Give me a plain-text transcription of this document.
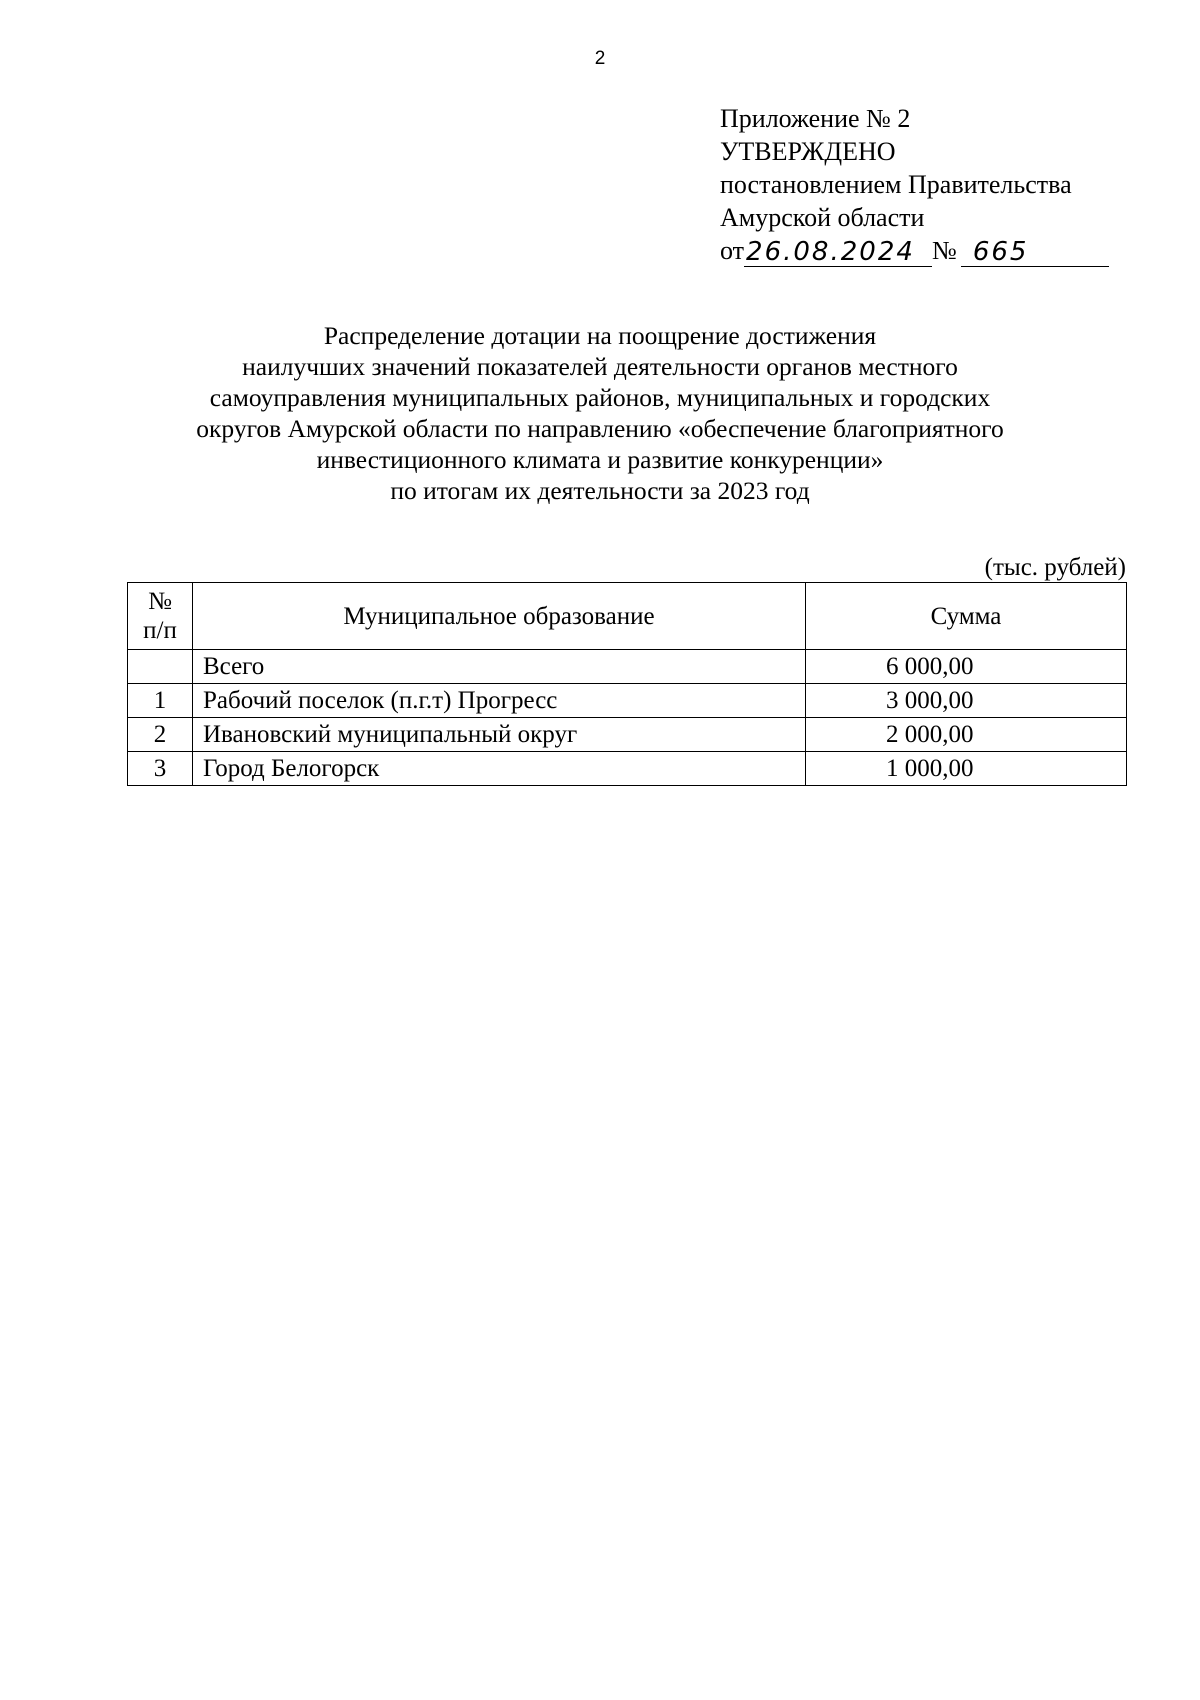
2
Приложение № 2
УТВЕРЖДЕНО
постановлением Правительства
Амурской области
от 26.08.2024 № 665
Распределение дотации на поощрение достижения
наилучших значений показателей деятельности органов местного
самоуправления муниципальных районов, муниципальных и городских
округов Амурской области по направлению «обеспечение благоприятного
инвестиционного климата и развитие конкуренции»
по итогам их деятельности за 2023 год
(тыс. рублей)
№
п/п	Муниципальное образование	Сумма
	Всего	6 000,00
1	Рабочий поселок (п.г.т) Прогресс	3 000,00
2	Ивановский муниципальный округ	2 000,00
3	Город Белогорск	1 000,00
